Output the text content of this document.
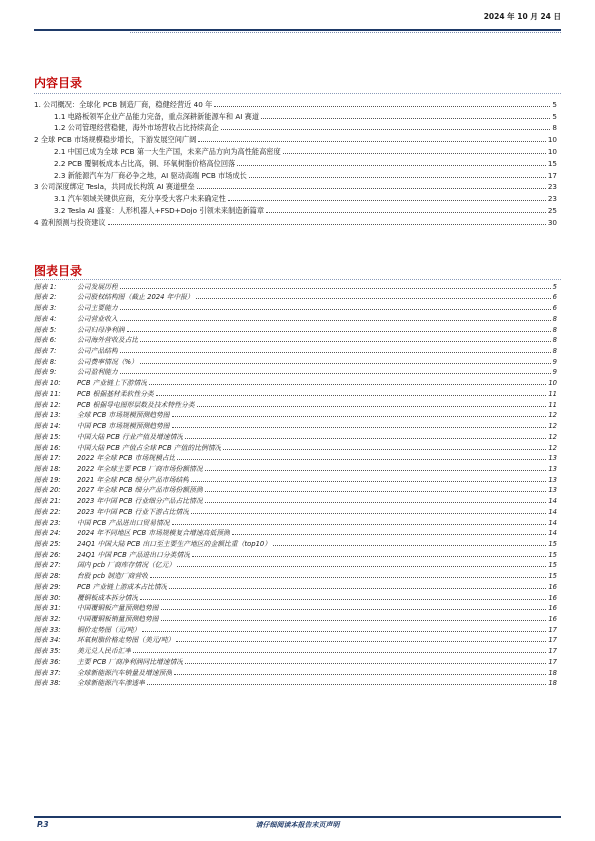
2024 年 10 月 24 日
内容目录
1. 公司概况：全球化 PCB 制造厂商，稳健经营近 40 年	5
1.1 电路板领军企业产品能力完备，重点深耕新能源车和 AI 赛道	5
1.2 公司管理经营稳健，海外市场营收占比持续高企	8
2 全球 PCB 市场规模稳步增长，下游发展空间广阔	10
2.1 中国已成为全球 PCB 第一大生产国，未来产品方向为高性能高密度	10
2.2 PCB 覆铜板成本占比高，铜、环氧树脂价格高位回落	15
2.3 新能源汽车为厂商必争之地，AI 驱动高端 PCB 市场成长	17
3 公司深度绑定 Tesla，共同成长构筑 AI 赛道壁垒	23
3.1 汽车领域关键供应商，充分享受大客户未来确定性	23
3.2 Tesla AI 盛宴：人形机器人+FSD+Dojo 引领未来制造新篇章	25
4 盈利预测与投资建议	30
图表目录
图表 1:	公司发展历程	5
图表 2:	公司股权结构图（截止 2024 年中报）	6
图表 3:	公司主要能力	6
图表 4:	公司营业收入	8
图表 5:	公司归母净利润	8
图表 6:	公司海外营收及占比	8
图表 7:	公司产品结构	8
图表 8:	公司费率情况（%）	9
图表 9:	公司盈利能力	9
图表 10: PCB 产业链上下游情况	10
图表 11: PCB 根据基材柔软性分类	11
图表 12: PCB 根据导电图形层数及技术特性分类	11
图表 13: 全球 PCB 市场规模预测趋势图	12
图表 14: 中国 PCB 市场规模预测趋势图	12
图表 15: 中国大陆 PCB 行业产值及增速情况	12
图表 16: 中国大陆 PCB 产值占全球 PCB 产值的比例情况	12
图表 17: 2022 年全球 PCB 市场规模占比	13
图表 18: 2022 年全球主要 PCB 厂商市场份额情况	13
图表 19: 2021 年全球 PCB 细分产品市场结构	13
图表 20: 2027 年全球 PCB 细分产品市场份额预测	13
图表 21: 2023 年中国 PCB 行业细分产品占比情况	14
图表 22: 2023 年中国 PCB 行业下游占比情况	14
图表 23: 中国 PCB 产品进出口贸易情况	14
图表 24: 2024 年不同地区 PCB 市场规模复合增速高低预测	14
图表 25: 24Q1 中国大陆 PCB 出口至主要生产地区的金额比重（top10）	15
图表 26: 24Q1 中国 PCB 产品进出口分类情况	15
图表 27: 国内 pcb 厂商库存情况（亿元）	15
图表 28: 台股 pcb 制造厂商营收	15
图表 29: PCB 产业链上游成本占比情况	16
图表 30: 覆铜板成本拆分情况	16
图表 31: 中国覆铜板产量预测趋势图	16
图表 32: 中国覆铜板销量预测趋势图	16
图表 33: 铜价走势图（元/吨）	17
图表 34: 环氧树脂价格走势图（美元/吨）	17
图表 35: 美元兑人民币汇率	17
图表 36: 主要 PCB 厂商净利润同比增速情况	17
图表 37: 全球新能源汽车销量及增速预测	18
图表 38: 全球新能源汽车渗透率	18
P.3	请仔细阅读本报告末页声明
